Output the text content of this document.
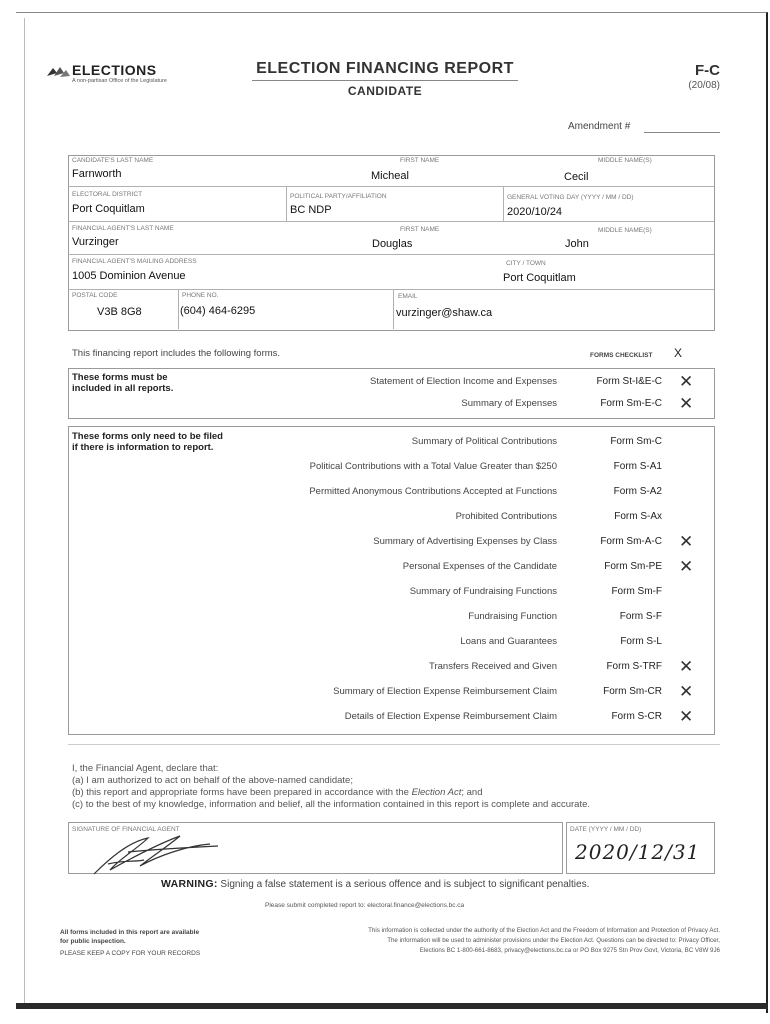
ELECTIONS
A non-partisan Office of the Legislature
ELECTION FINANCING REPORT
CANDIDATE
F-C
(20/08)
Amendment #
CANDIDATE'S LAST NAME
Farnworth
FIRST NAME
Micheal
MIDDLE NAME(S)
Cecil
ELECTORAL DISTRICT
Port Coquitlam
POLITICAL PARTY/AFFILIATION
BC NDP
GENERAL VOTING DAY (YYYY / MM / DD)
2020/10/24
FINANCIAL AGENT'S LAST NAME
Vurzinger
FIRST NAME
Douglas
MIDDLE NAME(S)
John
FINANCIAL AGENT'S MAILING ADDRESS
1005 Dominion Avenue
CITY / TOWN
Port Coquitlam
POSTAL CODE
V3B 8G8
PHONE NO.
(604) 464-6295
EMAIL
vurzinger@shaw.ca
This financing report includes the following forms.	FORMS CHECKLIST X
These forms must be
included in all reports.
Statement of Election Income and Expenses	Form St-I&E-C ✕
Summary of Expenses	Form Sm-E-C ✕
These forms only need to be filed
if there is information to report.
Summary of Political Contributions	Form Sm-C
Political Contributions with a Total Value Greater than $250	Form S-A1
Permitted Anonymous Contributions Accepted at Functions	Form S-A2
Prohibited Contributions	Form S-Ax
Summary of Advertising Expenses by Class	Form Sm-A-C ✕
Personal Expenses of the Candidate	Form Sm-PE ✕
Summary of Fundraising Functions	Form Sm-F
Fundraising Function	Form S-F
Loans and Guarantees	Form S-L
Transfers Received and Given	Form S-TRF ✕
Summary of Election Expense Reimbursement Claim	Form Sm-CR ✕
Details of Election Expense Reimbursement Claim	Form S-CR ✕
I, the Financial Agent, declare that:
(a) I am authorized to act on behalf of the above-named candidate;
(b) this report and appropriate forms have been prepared in accordance with the Election Act; and
(c) to the best of my knowledge, information and belief, all the information contained in this report is complete and accurate.
SIGNATURE OF FINANCIAL AGENT	DATE (YYYY / MM / DD)
2020/12/31
WARNING: Signing a false statement is a serious offence and is subject to significant penalties.
Please submit completed report to: electoral.finance@elections.bc.ca
All forms included in this report are available
for public inspection.
PLEASE KEEP A COPY FOR YOUR RECORDS
This information is collected under the authority of the Election Act and the Freedom of Information and Protection of Privacy Act.
The information will be used to administer provisions under the Election Act. Questions can be directed to: Privacy Officer,
Elections BC 1-800-661-8683, privacy@elections.bc.ca or PO Box 9275 Stn Prov Govt, Victoria, BC V8W 9J6
